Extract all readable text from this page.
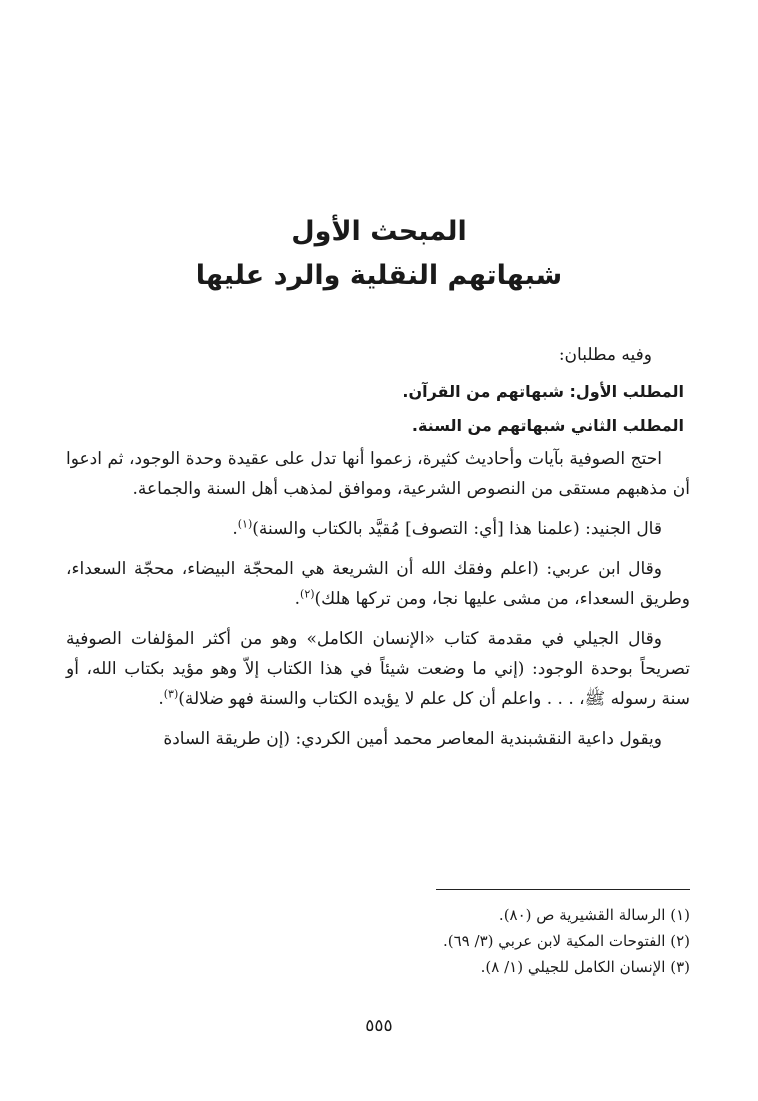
المبحث الأول
شبهاتهم النقلية والرد عليها

وفيه مطلبان:

المطلب الأول: شبهاتهم من القرآن.

المطلب الثاني شبهاتهم من السنة.

احتج الصوفية بآيات وأحاديث كثيرة، زعموا أنها تدل على عقيدة وحدة الوجود، ثم ادعوا أن مذهبهم مستقى من النصوص الشرعية، وموافق لمذهب أهل السنة والجماعة.

قال الجنيد: (علمنا هذا [أي: التصوف] مُقيَّد بالكتاب والسنة)$^{(١)}$.

وقال ابن عربي: (اعلم وفقك الله أن الشريعة هي المحجّة البيضاء، محجّة السعداء، وطريق السعداء، من مشى عليها نجا، ومن تركها هلك)$^{(٢)}$.

وقال الجيلي في مقدمة كتاب «الإنسان الكامل» وهو من أكثر المؤلفات الصوفية تصريحاً بوحدة الوجود: (إني ما وضعت شيئاً في هذا الكتاب إلاّ وهو مؤيد بكتاب الله، أو سنة رسوله ﷺ، . . . واعلم أن كل علم لا يؤيده الكتاب والسنة فهو ضلالة)$^{(٣)}$.

ويقول داعية النقشبندية المعاصر محمد أمين الكردي: (إن طريقة السادة

(١) الرسالة القشيرية ص (٨٠).
(٢) الفتوحات المكية لابن عربي (٣/ ٦٩).
(٣) الإنسان الكامل للجيلي (١/ ٨).
٥٥٥
